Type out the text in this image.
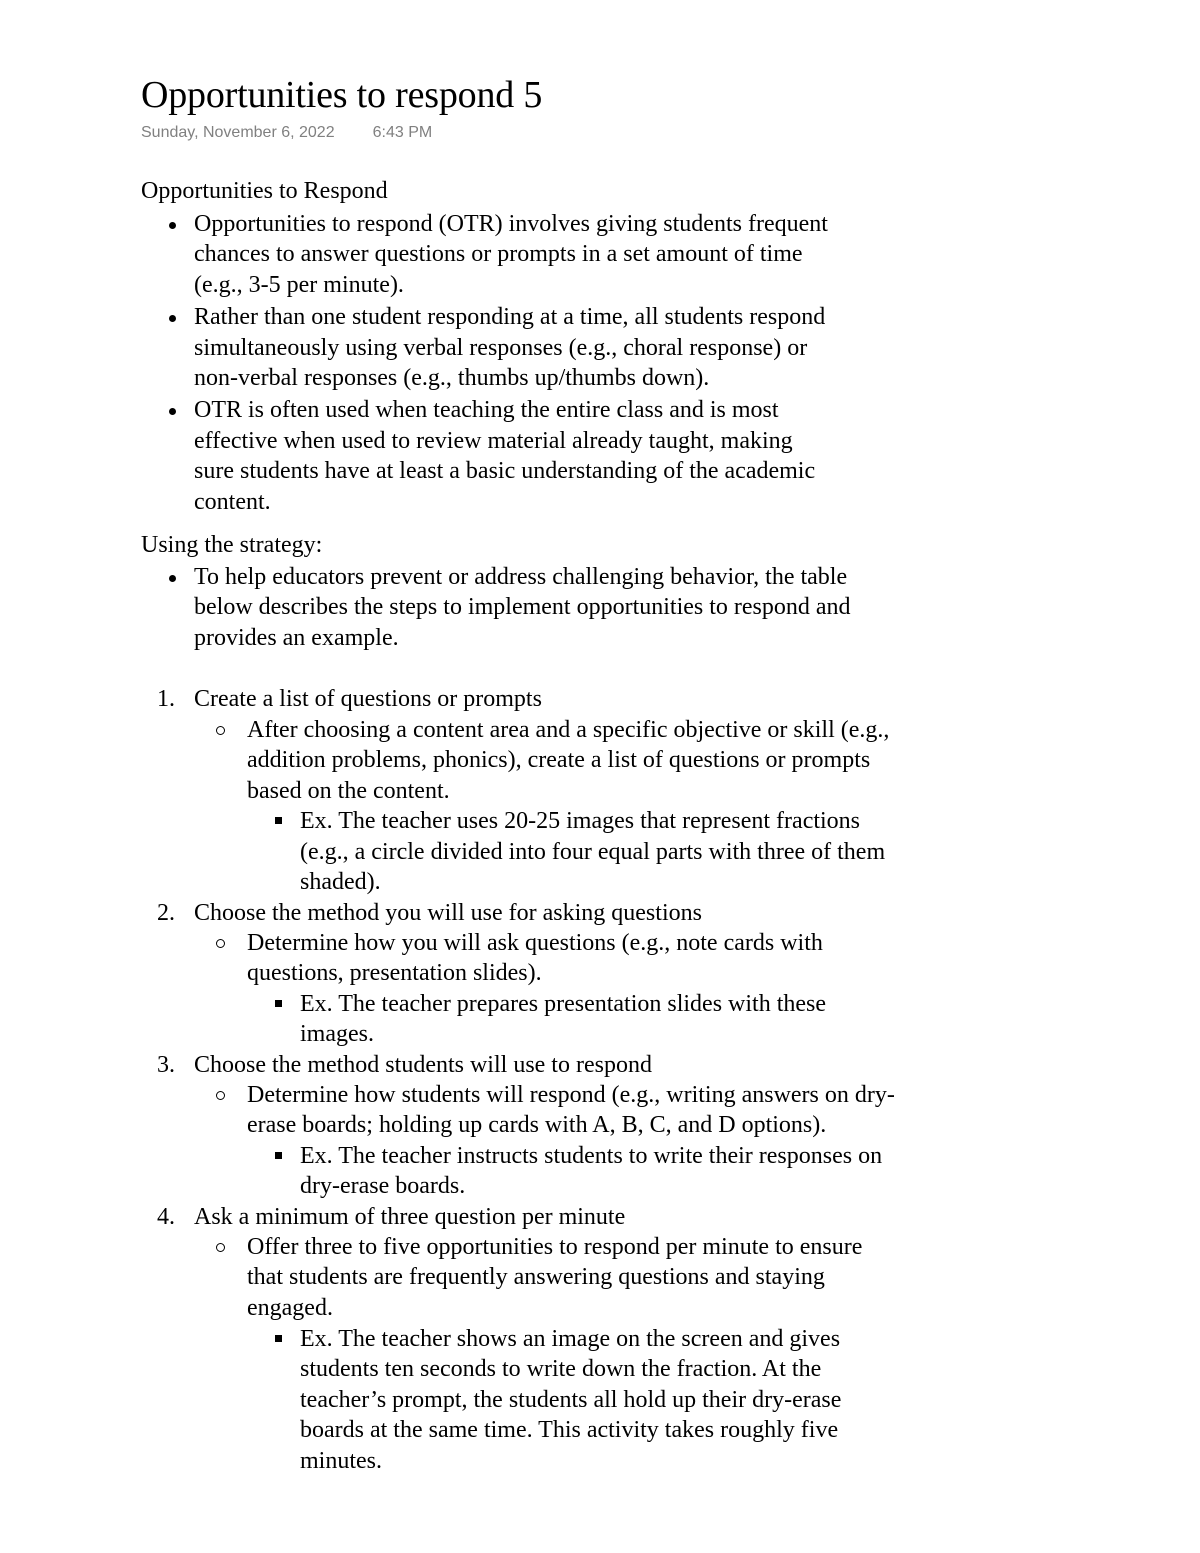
Opportunities to respond 5
Sunday, November 6, 2022 6:43 PM
Opportunities to Respond
Opportunities to respond (OTR) involves giving students frequent
chances to answer questions or prompts in a set amount of time
(e.g., 3-5 per minute).
Rather than one student responding at a time, all students respond
simultaneously using verbal responses (e.g., choral response) or
non-verbal responses (e.g., thumbs up/thumbs down).
OTR is often used when teaching the entire class and is most
effective when used to review material already taught, making
sure students have at least a basic understanding of the academic
content.
Using the strategy:
To help educators prevent or address challenging behavior, the table
below describes the steps to implement opportunities to respond and
provides an example.
1. Create a list of questions or prompts
After choosing a content area and a specific objective or skill (e.g.,
addition problems, phonics), create a list of questions or prompts
based on the content.
Ex. The teacher uses 20-25 images that represent fractions
(e.g., a circle divided into four equal parts with three of them
shaded).
2. Choose the method you will use for asking questions
Determine how you will ask questions (e.g., note cards with
questions, presentation slides).
Ex. The teacher prepares presentation slides with these
images.
3. Choose the method students will use to respond
Determine how students will respond (e.g., writing answers on dry-
erase boards; holding up cards with A, B, C, and D options).
Ex. The teacher instructs students to write their responses on
dry-erase boards.
4. Ask a minimum of three question per minute
Offer three to five opportunities to respond per minute to ensure
that students are frequently answering questions and staying
engaged.
Ex. The teacher shows an image on the screen and gives
students ten seconds to write down the fraction. At the
teacher’s prompt, the students all hold up their dry-erase
boards at the same time. This activity takes roughly five
minutes.
